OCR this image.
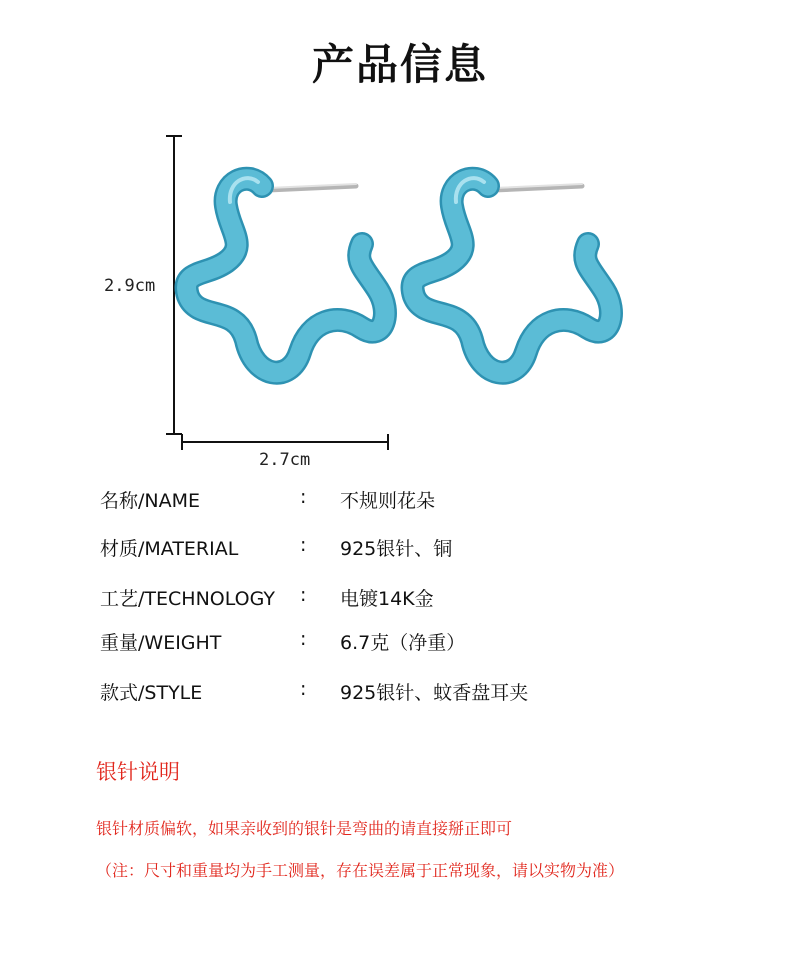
产品信息
2.9cm
2.7cm
名称/NAME	: 不规则花朵
材质/MATERIAL	: 925银针、铜
工艺/TECHNOLOGY : 电镀14K金
重量/WEIGHT	: 6.7克（净重）
款式/STYLE	: 925银针、蚊香盘耳夹
银针说明
银针材质偏软，如果亲收到的银针是弯曲的请直接掰正即可
（注：尺寸和重量均为手工测量，存在误差属于正常现象，请以实物为准）
